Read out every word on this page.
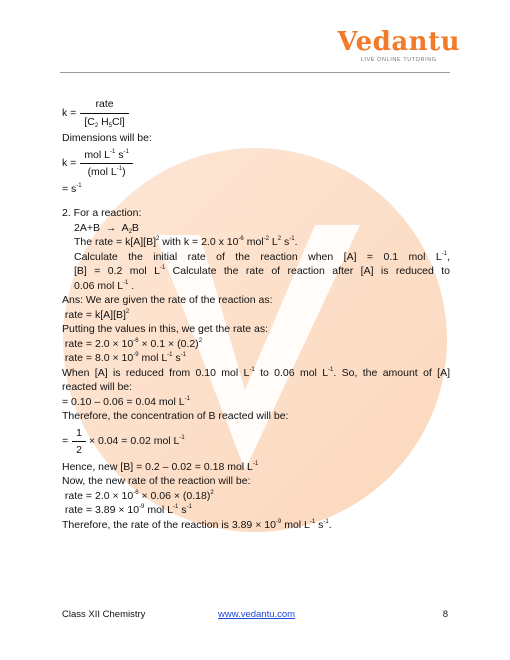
Vedantu
LIVE ONLINE TUTORING
$k = \frac{\text{rate}}{[C_2 H_5Cl]}$
Dimensions will be:
$k = \frac{mol L^{-1} s^{-1}}{(mol L^{-1})}$
= $s^{-1}$
2. For a reaction:
$2A+B \to A_2B$
The rate = $k[A][B]^2$ with k = 2.0 x $10^{-6}$ mol$^{-2}$ $L^2$ $s^{-1}$.
Calculate the initial rate of the reaction when [A] = 0.1 mol $L^{-1}$,
[B] = 0.2 mol $L^{-1}$ Calculate the rate of reaction after [A] is reduced to
0.06 mol $L^{-1}$ .
Ans: We are given the rate of the reaction as:
rate = $k[A][B]^2$
Putting the values in this, we get the rate as:
rate = $2.0 \times 10^{-6} \times 0.1 \times (0.2)^2$
rate = $8.0 \times 10^{-9}$ mol $L^{-1}$ $s^{-1}$
When [A] is reduced from 0.10 mol $L^{-1}$ to 0.06 mol $L^{-1}$. So, the amount of [A]
reacted will be:
= 0.10 – 0.06 = 0.04 mol $L^{-1}$
Therefore, the concentration of B reacted will be:
= $\frac{1}{2} \times 0.04 = 0.02$ mol $L^{-1}$
Hence, new [B] = 0.2 – 0.02 = 0.18 mol $L^{-1}$
Now, the new rate of the reaction will be:
rate = $2.0 \times 10^{-6} \times 0.06 \times (0.18)^2$
rate = $3.89 \times 10^{-9}$ mol $L^{-1}$ $s^{-1}$
Therefore, the rate of the reaction is $3.89 \times 10^{-9}$ mol $L^{-1}$ $s^{-1}$.
Class XII Chemistry	www.vedantu.com	8
